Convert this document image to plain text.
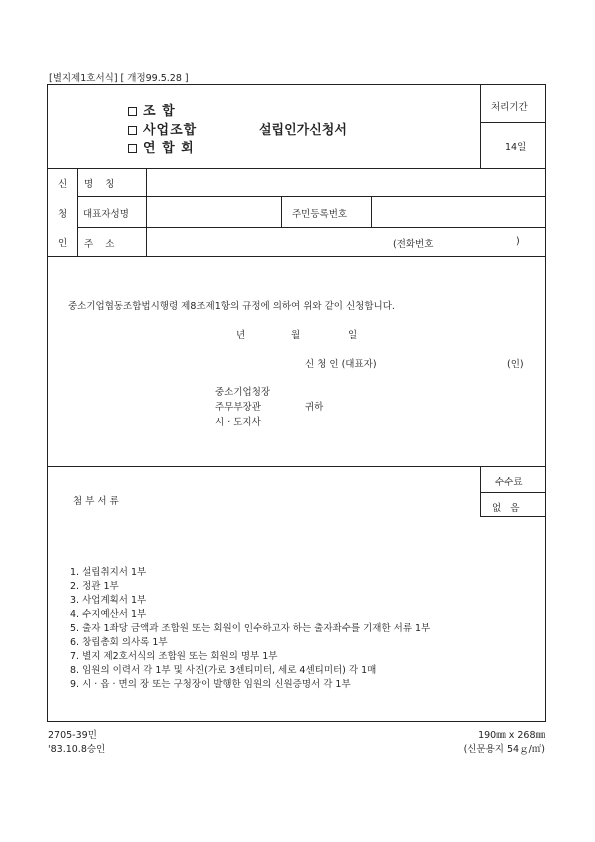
[별지제1호서식] [ 개정99.5.28 ]
조 합
사업조합
연 합 회
설립인가신청서
처리기간
14일
신
청
인
명    칭
대표자성명	주민등록번호
주    소	(전화번호	)
중소기업협동조합법시행령 제8조제1항의 규정에 의하여 위와 같이 신청합니다.
년	월	일
신 청 인 (대표자)	(인)
중소기업청장
주무부장관
시 · 도지사
귀하
첨 부 서 류
수수료
없   음
1. 설립취지서 1부
2. 정관 1부
3. 사업계획서 1부
4. 수지예산서 1부
5. 출자 1좌당 금액과 조합원 또는 회원이 인수하고자 하는 출자좌수를 기재한 서류 1부
6. 창립총회 의사록 1부
7. 별지 제2호서식의 조합원 또는 회원의 명부 1부
8. 임원의 이력서 각 1부 및 사진(가로 3센티미터, 세로 4센티미터) 각 1매
9. 시 · 읍 · 면의 장 또는 구청장이 발행한 임원의 신원증명서 각 1부
2705-39민
'83.10.8승인
190㎜ x 268㎜
(신문용지 54ｇ/㎡)
